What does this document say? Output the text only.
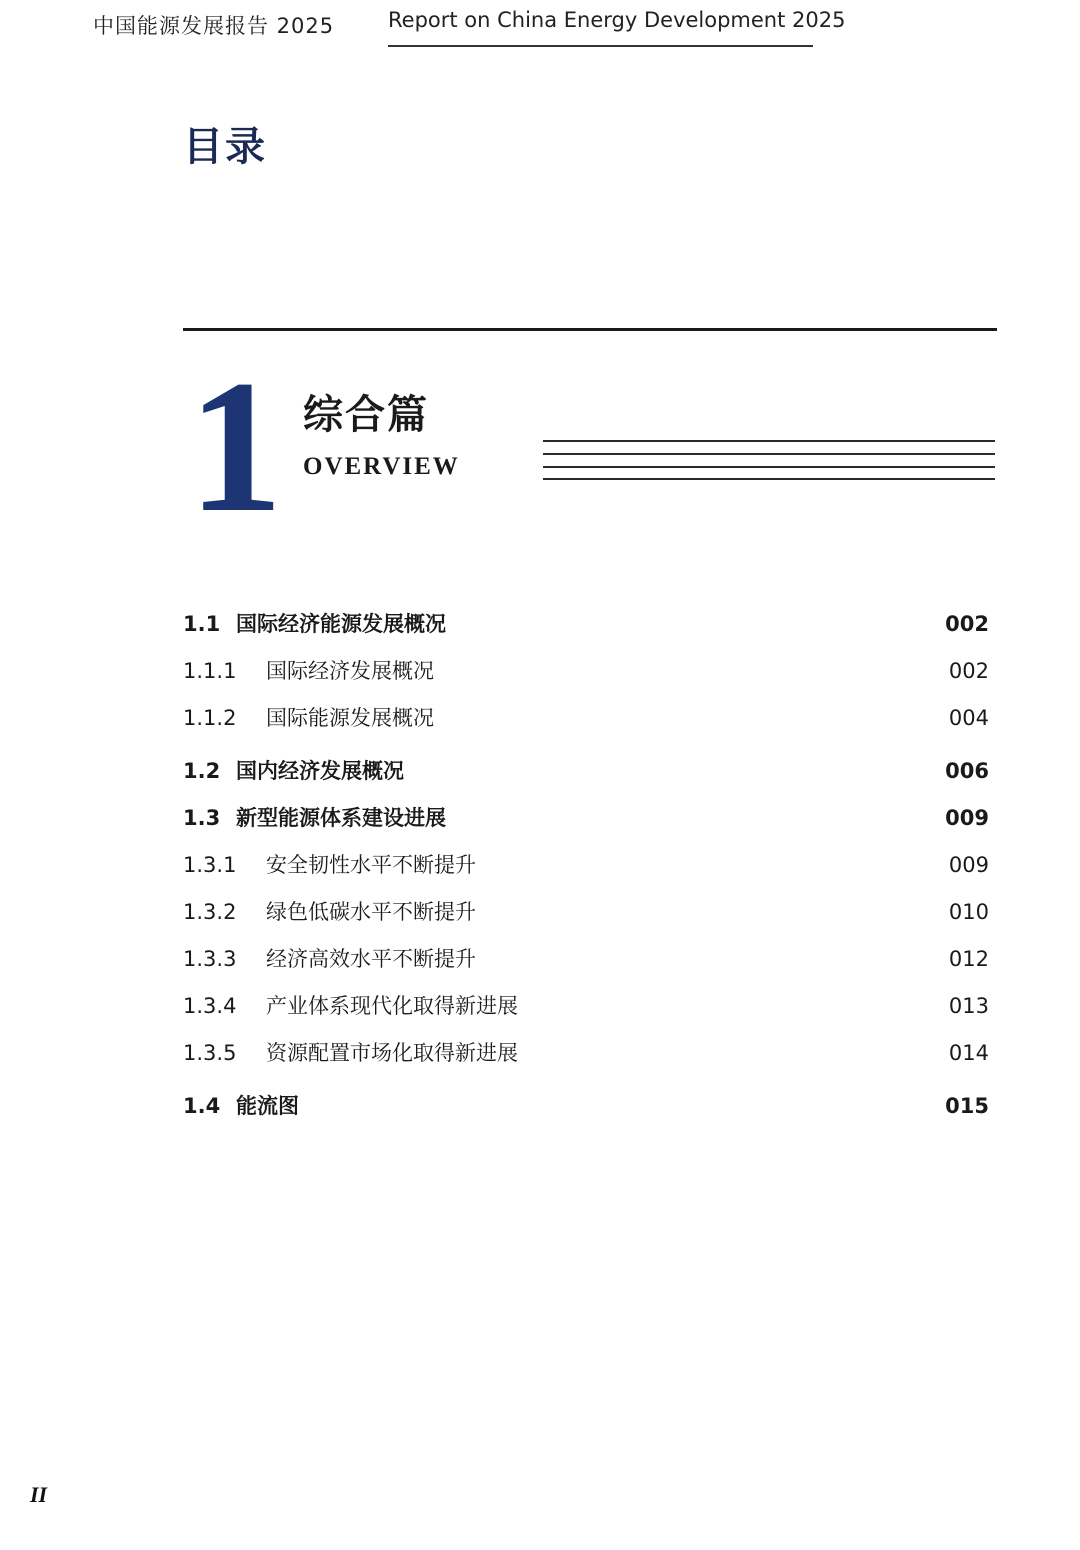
中国能源发展报告 2025	Report on China Energy Development 2025
目录
1 综合篇
OVERVIEW
1.1 国际经济能源发展概况	002
1.1.1 国际经济发展概况	002
1.1.2 国际能源发展概况	004
1.2 国内经济发展概况	006
1.3 新型能源体系建设进展	009
1.3.1 安全韧性水平不断提升	009
1.3.2 绿色低碳水平不断提升	010
1.3.3 经济高效水平不断提升	012
1.3.4 产业体系现代化取得新进展	013
1.3.5 资源配置市场化取得新进展	014
1.4 能流图	015
II
